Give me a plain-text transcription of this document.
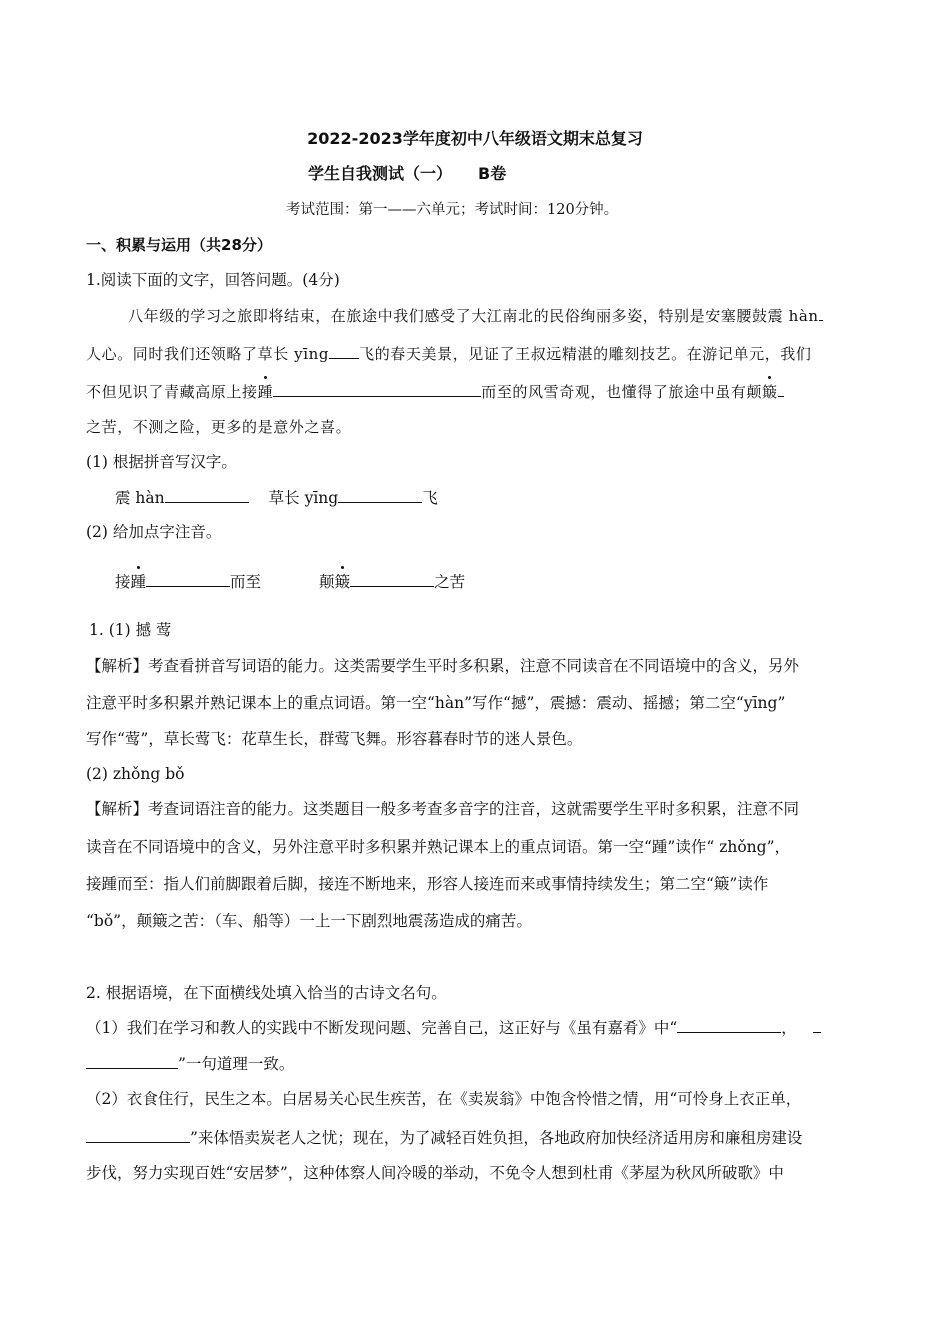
2022-2023学年度初中八年级语文期末总复习
学生自我测试（一） B卷
考试范围：第一——六单元；考试时间：120分钟。
一、积累与运用（共28分）
1.阅读下面的文字，回答问题。(4分)
八年级的学习之旅即将结束，在旅途中我们感受了大江南北的民俗绚丽多姿，特别是安塞腰鼓震 hàn
人心。同时我们还领略了草长 yīng 飞的春天美景，见证了王叔远精湛的雕刻技艺。在游记单元，我们
不但见识了青藏高原上接踵	而至的风雪奇观，也懂得了旅途中虽有颠簸
之苦，不测之险，更多的是意外之喜。
(1) 根据拼音写汉字。
震 hàn	草长 yīng	飞
(2) 给加点字注音。
接踵	而至	颠簸	之苦
1. (1) 撼 莺
【解析】考查看拼音写词语的能力。这类需要学生平时多积累，注意不同读音在不同语境中的含义，另外
注意平时多积累并熟记课本上的重点词语。第一空“hàn”写作“撼”，震撼：震动、摇撼；第二空“yīng”
写作“莺”，草长莺飞：花草生长，群莺飞舞。形容暮春时节的迷人景色。
(2) zhǒng bǒ
【解析】考查词语注音的能力。这类题目一般多考查多音字的注音，这就需要学生平时多积累，注意不同
读音在不同语境中的含义，另外注意平时多积累并熟记课本上的重点词语。第一空“踵”读作“ zhǒng”，
接踵而至：指人们前脚跟着后脚，接连不断地来，形容人接连而来或事情持续发生；第二空“簸”读作
“bǒ”，颠簸之苦：（车、船等）一上一下剧烈地震荡造成的痛苦。
2. 根据语境，在下面横线处填入恰当的古诗文名句。
（1）我们在学习和教人的实践中不断发现问题、完善自己，这正好与《虽有嘉肴》中“	，
”一句道理一致。
（2）衣食住行，民生之本。白居易关心民生疾苦，在《卖炭翁》中饱含怜惜之情，用“可怜身上衣正单，
”来体悟卖炭老人之忧；现在，为了减轻百姓负担，各地政府加快经济适用房和廉租房建设
步伐，努力实现百姓“安居梦”，这种体察人间冷暖的举动，不免令人想到杜甫《茅屋为秋风所破歌》中
